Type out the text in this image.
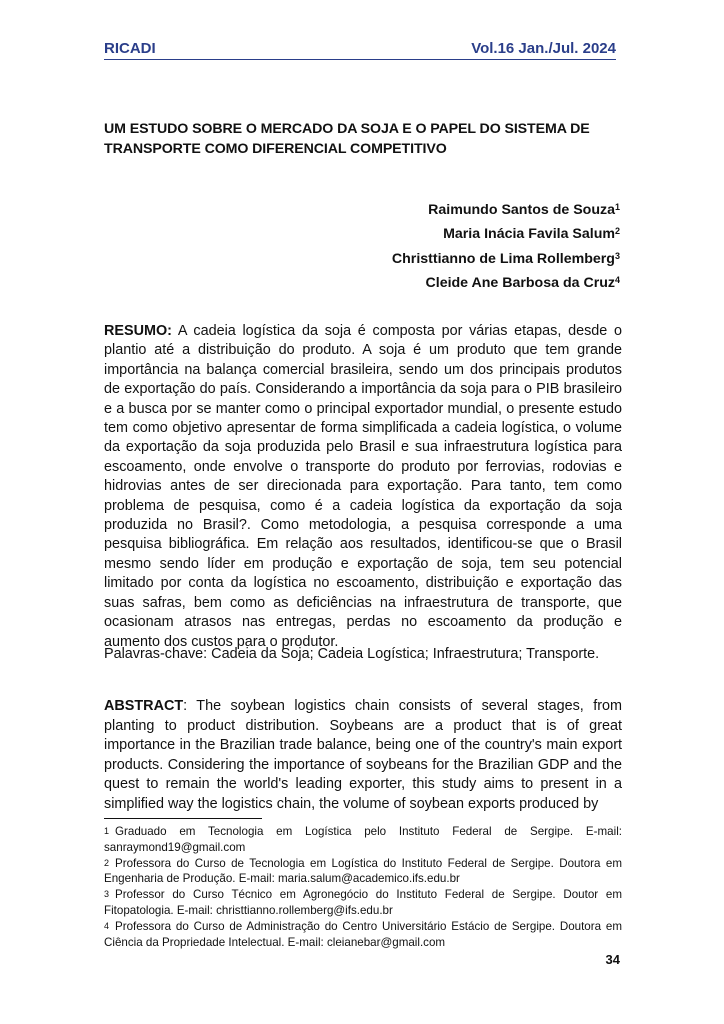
RICADI	Vol.16 Jan./Jul. 2024
UM ESTUDO SOBRE O MERCADO DA SOJA E O PAPEL DO SISTEMA DE TRANSPORTE COMO DIFERENCIAL COMPETITIVO
Raimundo Santos de Souza$^1$
Maria Inácia Favila Salum$^2$
Christtianno de Lima Rollemberg$^3$
Cleide Ane Barbosa da Cruz$^4$
RESUMO: A cadeia logística da soja é composta por várias etapas, desde o plantio até a distribuição do produto. A soja é um produto que tem grande importância na balança comercial brasileira, sendo um dos principais produtos de exportação do país. Considerando a importância da soja para o PIB brasileiro e a busca por se manter como o principal exportador mundial, o presente estudo tem como objetivo apresentar de forma simplificada a cadeia logística, o volume da exportação da soja produzida pelo Brasil e sua infraestrutura logística para escoamento, onde envolve o transporte do produto por ferrovias, rodovias e hidrovias antes de ser direcionada para exportação. Para tanto, tem como problema de pesquisa, como é a cadeia logística da exportação da soja produzida no Brasil?. Como metodologia, a pesquisa corresponde a uma pesquisa bibliográfica. Em relação aos resultados, identificou-se que o Brasil mesmo sendo líder em produção e exportação de soja, tem seu potencial limitado por conta da logística no escoamento, distribuição e exportação das suas safras, bem como as deficiências na infraestrutura de transporte, que ocasionam atrasos nas entregas, perdas no escoamento da produção e aumento dos custos para o produtor.
Palavras-chave: Cadeia da Soja; Cadeia Logística; Infraestrutura; Transporte.
ABSTRACT: The soybean logistics chain consists of several stages, from planting to product distribution. Soybeans are a product that is of great importance in the Brazilian trade balance, being one of the country's main export products. Considering the importance of soybeans for the Brazilian GDP and the quest to remain the world's leading exporter, this study aims to present in a simplified way the logistics chain, the volume of soybean exports produced by

$^1$ Graduado em Tecnologia em Logística pelo Instituto Federal de Sergipe. E-mail: sanraymond19@gmail.com

$^2$ Professora do Curso de Tecnologia em Logística do Instituto Federal de Sergipe. Doutora em Engenharia de Produção. E-mail: maria.salum@academico.ifs.edu.br

$^3$ Professor do Curso Técnico em Agronegócio do Instituto Federal de Sergipe. Doutor em Fitopatologia. E-mail: christtianno.rollemberg@ifs.edu.br

$^4$ Professora do Curso de Administração do Centro Universitário Estácio de Sergipe. Doutora em Ciência da Propriedade Intelectual. E-mail: cleianebar@gmail.com

34
